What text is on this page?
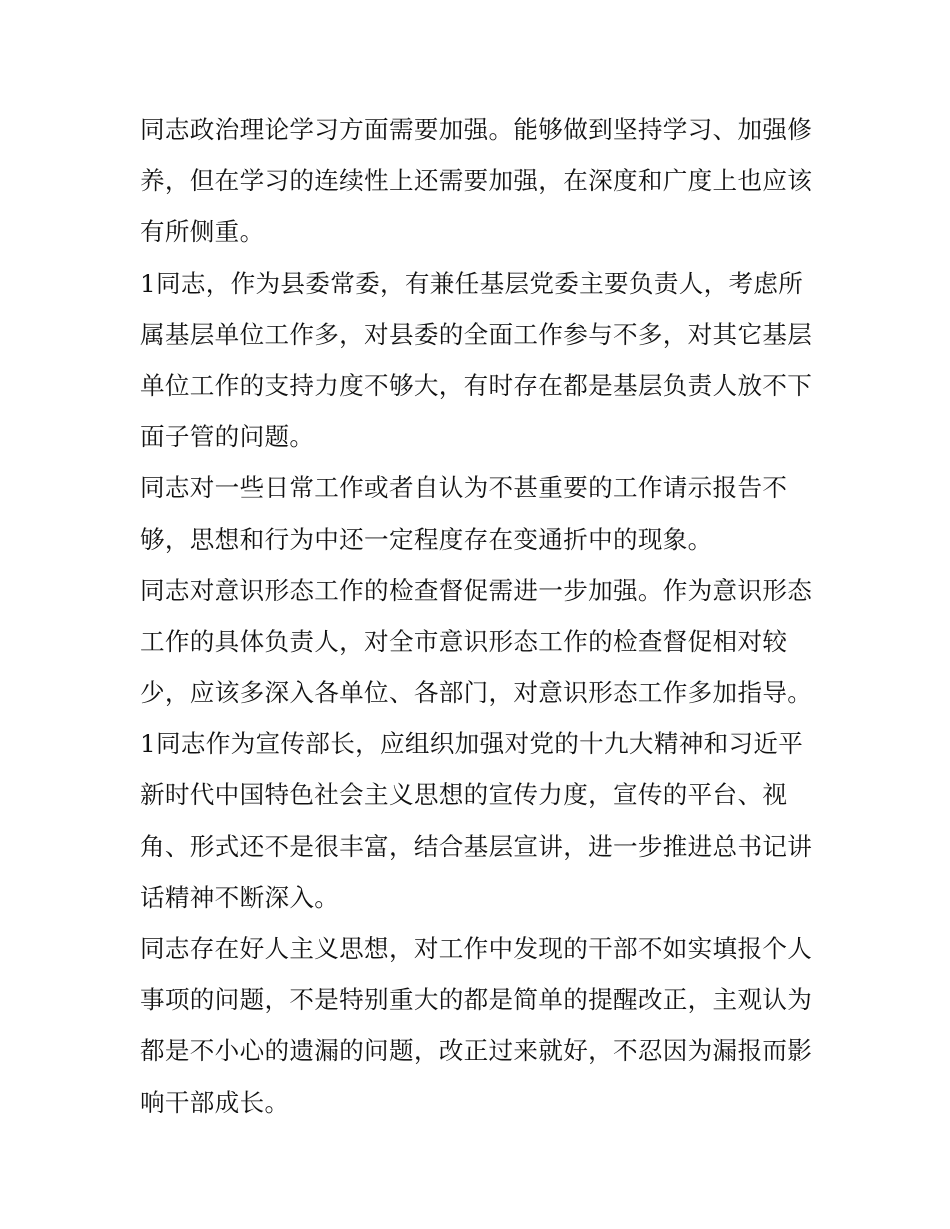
同志政治理论学习方面需要加强。能够做到坚持学习、加强修
养，但在学习的连续性上还需要加强，在深度和广度上也应该
有所侧重。
1同志，作为县委常委，有兼任基层党委主要负责人，考虑所
属基层单位工作多，对县委的全面工作参与不多，对其它基层
单位工作的支持力度不够大，有时存在都是基层负责人放不下
面子管的问题。
同志对一些日常工作或者自认为不甚重要的工作请示报告不
够，思想和行为中还一定程度存在变通折中的现象。
同志对意识形态工作的检查督促需进一步加强。作为意识形态
工作的具体负责人，对全市意识形态工作的检查督促相对较
少，应该多深入各单位、各部门，对意识形态工作多加指导。
1同志作为宣传部长，应组织加强对党的十九大精神和习近平
新时代中国特色社会主义思想的宣传力度，宣传的平台、视
角、形式还不是很丰富，结合基层宣讲，进一步推进总书记讲
话精神不断深入。
同志存在好人主义思想，对工作中发现的干部不如实填报个人
事项的问题，不是特别重大的都是简单的提醒改正，主观认为
都是不小心的遗漏的问题，改正过来就好，不忍因为漏报而影
响干部成长。
